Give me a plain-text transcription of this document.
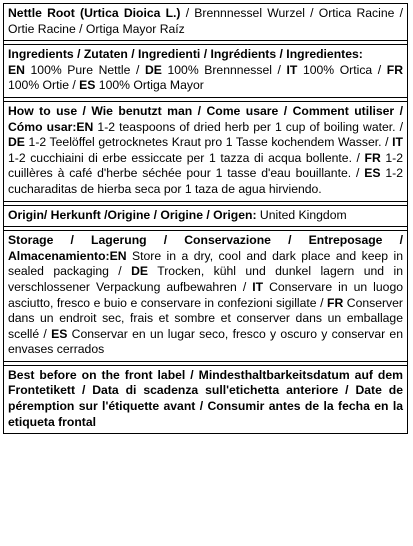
Nettle Root (Urtica Dioica L.) / Brennnessel Wurzel / Ortica Racine / Ortie Racine / Ortiga Mayor Raíz
Ingredients / Zutaten / Ingredienti / Ingrédients / Ingredientes:
EN 100% Pure Nettle / DE 100% Brennnessel / IT 100% Ortica / FR 100% Ortie / ES 100% Ortiga Mayor
How to use / Wie benutzt man / Come usare / Comment utiliser / Cómo usar:EN 1-2 teaspoons of dried herb per 1 cup of boiling water. / DE 1-2 Teelöffel getrocknetes Kraut pro 1 Tasse kochendem Wasser. / IT 1-2 cucchiaini di erbe essiccate per 1 tazza di acqua bollente. / FR 1-2 cuillères à café d'herbe séchée pour 1 tasse d'eau bouillante. / ES 1-2 cucharaditas de hierba seca por 1 taza de agua hirviendo.
Origin/ Herkunft /Origine / Origine / Origen: United Kingdom
Storage / Lagerung / Conservazione / Entreposage / Almacenamiento:EN Store in a dry, cool and dark place and keep in sealed packaging / DE Trocken, kühl und dunkel lagern und in verschlossener Verpackung aufbewahren / IT Conservare in un luogo asciutto, fresco e buio e conservare in confezioni sigillate / FR Conserver dans un endroit sec, frais et sombre et conserver dans un emballage scellé / ES Conservar en un lugar seco, fresco y oscuro y conservar en envases cerrados
Best before on the front label / Mindesthaltbarkeitsdatum auf dem Frontetikett / Data di scadenza sull'etichetta anteriore / Date de péremption sur l'étiquette avant / Consumir antes de la fecha en la etiqueta frontal
